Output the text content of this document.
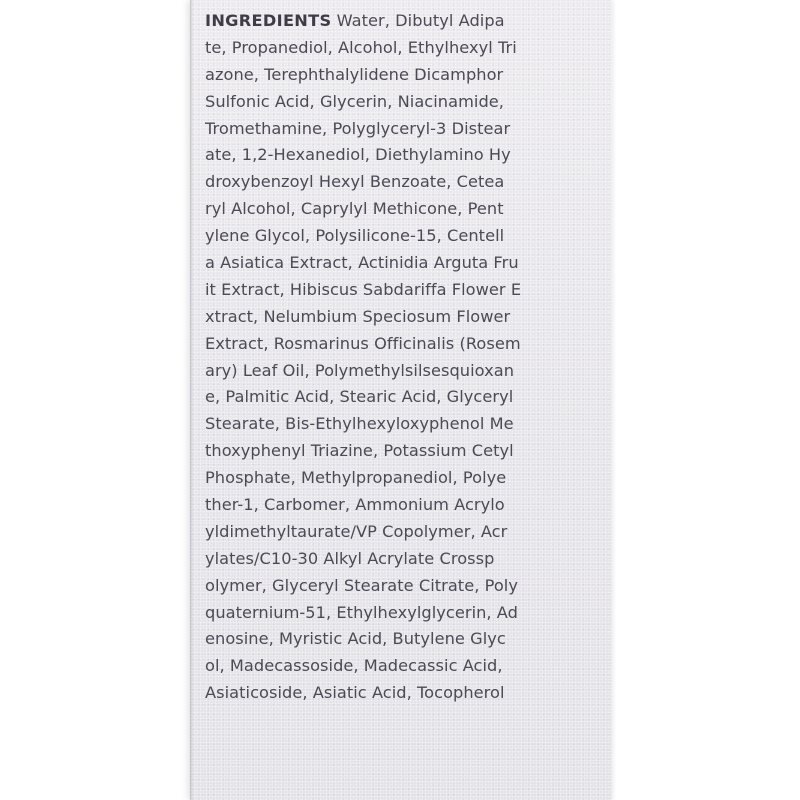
INGREDIENTS Water, Dibutyl Adipa
te, Propanediol, Alcohol, Ethylhexyl Tri
azone, Terephthalylidene Dicamphor
Sulfonic Acid, Glycerin, Niacinamide,
Tromethamine, Polyglyceryl-3 Distear
ate, 1,2-Hexanediol, Diethylamino Hy
droxybenzoyl Hexyl Benzoate, Cetea
ryl Alcohol, Caprylyl Methicone, Pent
ylene Glycol, Polysilicone-15, Centell
a Asiatica Extract, Actinidia Arguta Fru
it Extract, Hibiscus Sabdariffa Flower E
xtract, Nelumbium Speciosum Flower
Extract, Rosmarinus Officinalis (Rosem
ary) Leaf Oil, Polymethylsilsesquioxan
e, Palmitic Acid, Stearic Acid, Glyceryl
Stearate, Bis-Ethylhexyloxyphenol Me
thoxyphenyl Triazine, Potassium Cetyl
Phosphate, Methylpropanediol, Polye
ther-1, Carbomer, Ammonium Acrylo
yldimethyltaurate/VP Copolymer, Acr
ylates/C10-30 Alkyl Acrylate Crossp
olymer, Glyceryl Stearate Citrate, Poly
quaternium-51, Ethylhexylglycerin, Ad
enosine, Myristic Acid, Butylene Glyc
ol, Madecassoside, Madecassic Acid,
Asiaticoside, Asiatic Acid, Tocopherol
